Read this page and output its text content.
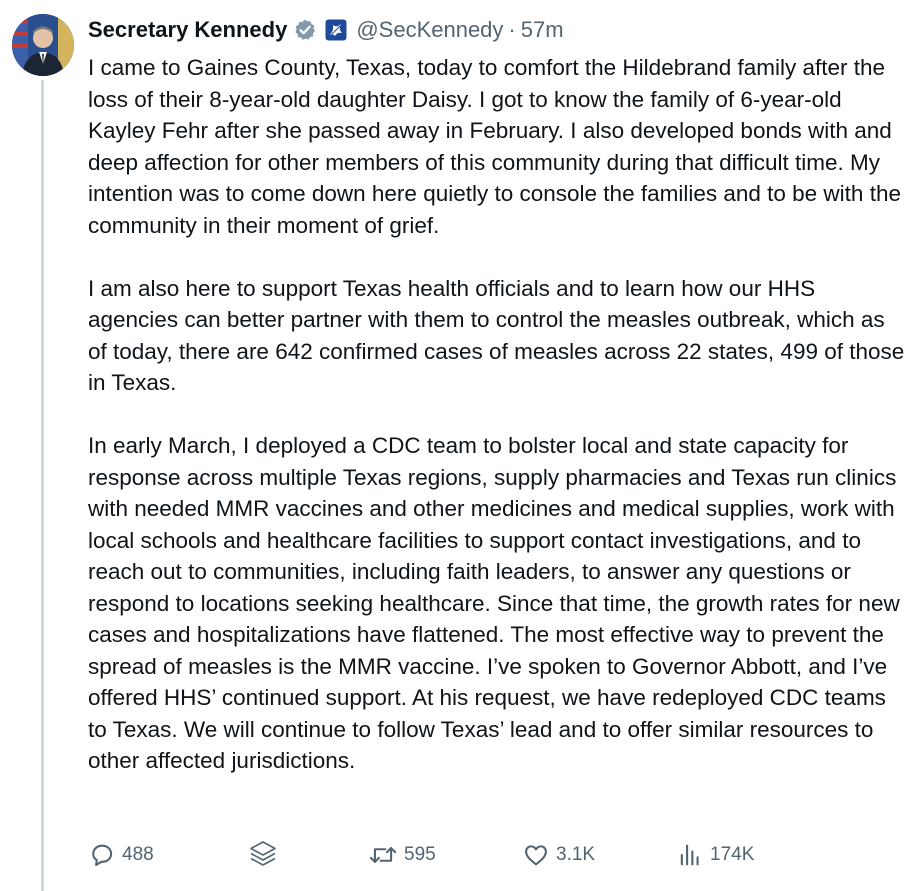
Secretary Kennedy	@SecKennedy · 57m

I came to Gaines County, Texas, today to comfort the Hildebrand family after the loss of their 8-year-old daughter Daisy. I got to know the family of 6-year-old Kayley Fehr after she passed away in February. I also developed bonds with and deep affection for other members of this community during that difficult time. My intention was to come down here quietly to console the families and to be with the community in their moment of grief.

I am also here to support Texas health officials and to learn how our HHS agencies can better partner with them to control the measles outbreak, which as of today, there are 642 confirmed cases of measles across 22 states, 499 of those in Texas.

In early March, I deployed a CDC team to bolster local and state capacity for response across multiple Texas regions, supply pharmacies and Texas run clinics with needed MMR vaccines and other medicines and medical supplies, work with local schools and healthcare facilities to support contact investigations, and to reach out to communities, including faith leaders, to answer any questions or respond to locations seeking healthcare. Since that time, the growth rates for new cases and hospitalizations have flattened. The most effective way to prevent the spread of measles is the MMR vaccine. I’ve spoken to Governor Abbott, and I’ve offered HHS’ continued support. At his request, we have redeployed CDC teams to Texas. We will continue to follow Texas’ lead and to offer similar resources to other affected jurisdictions.

488	595	3.1K	174K
